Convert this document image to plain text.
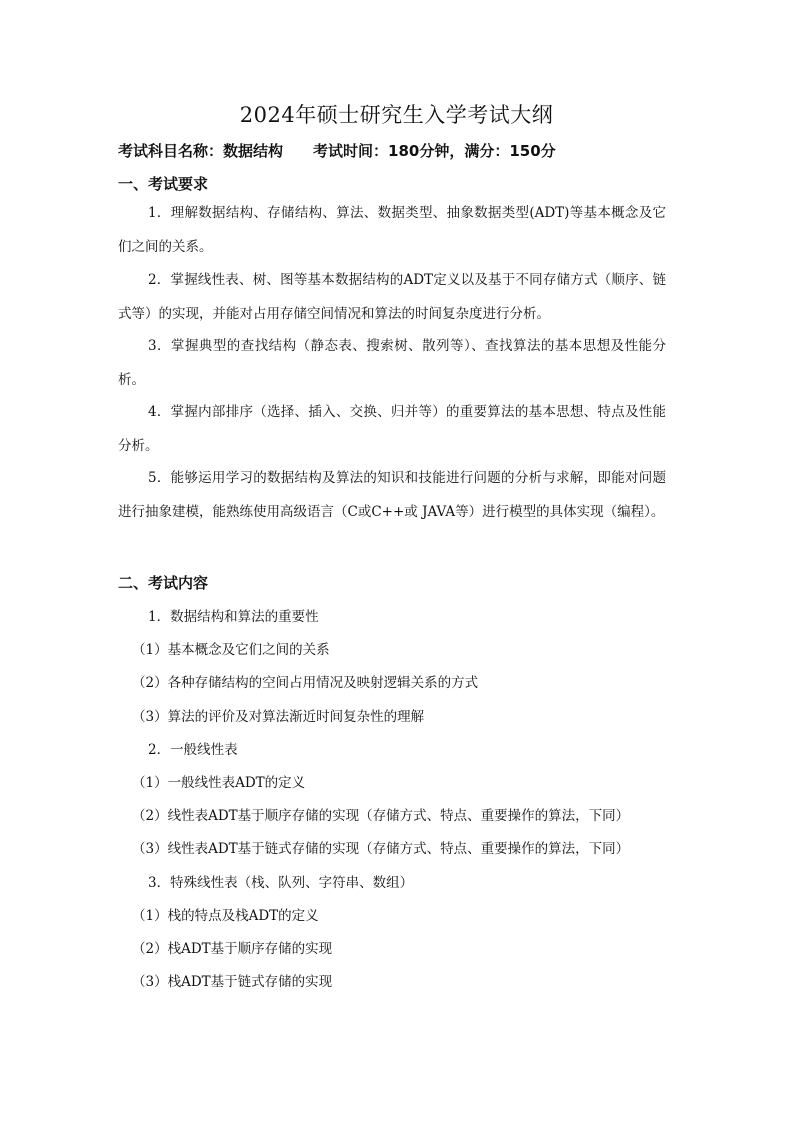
2024年硕士研究生入学考试大纲
考试科目名称：数据结构 考试时间：180分钟，满分：150分
一、考试要求
1．理解数据结构、存储结构、算法、数据类型、抽象数据类型(ADT)等基本概念及它们之间的关系。
2．掌握线性表、树、图等基本数据结构的ADT定义以及基于不同存储方式（顺序、链式等）的实现，并能对占用存储空间情况和算法的时间复杂度进行分析。
3．掌握典型的查找结构（静态表、搜索树、散列等）、查找算法的基本思想及性能分析。
4．掌握内部排序（选择、插入、交换、归并等）的重要算法的基本思想、特点及性能分析。
5．能够运用学习的数据结构及算法的知识和技能进行问题的分析与求解，即能对问题进行抽象建模，能熟练使用高级语言（C或C++或 JAVA等）进行模型的具体实现（编程）。
二、考试内容
1．数据结构和算法的重要性
（1）基本概念及它们之间的关系
（2）各种存储结构的空间占用情况及映射逻辑关系的方式
（3）算法的评价及对算法渐近时间复杂性的理解
2．一般线性表
（1）一般线性表ADT的定义
（2）线性表ADT基于顺序存储的实现（存储方式、特点、重要操作的算法，下同）
（3）线性表ADT基于链式存储的实现（存储方式、特点、重要操作的算法，下同）
3．特殊线性表（栈、队列、字符串、数组）
（1）栈的特点及栈ADT的定义
（2）栈ADT基于顺序存储的实现
（3）栈ADT基于链式存储的实现
